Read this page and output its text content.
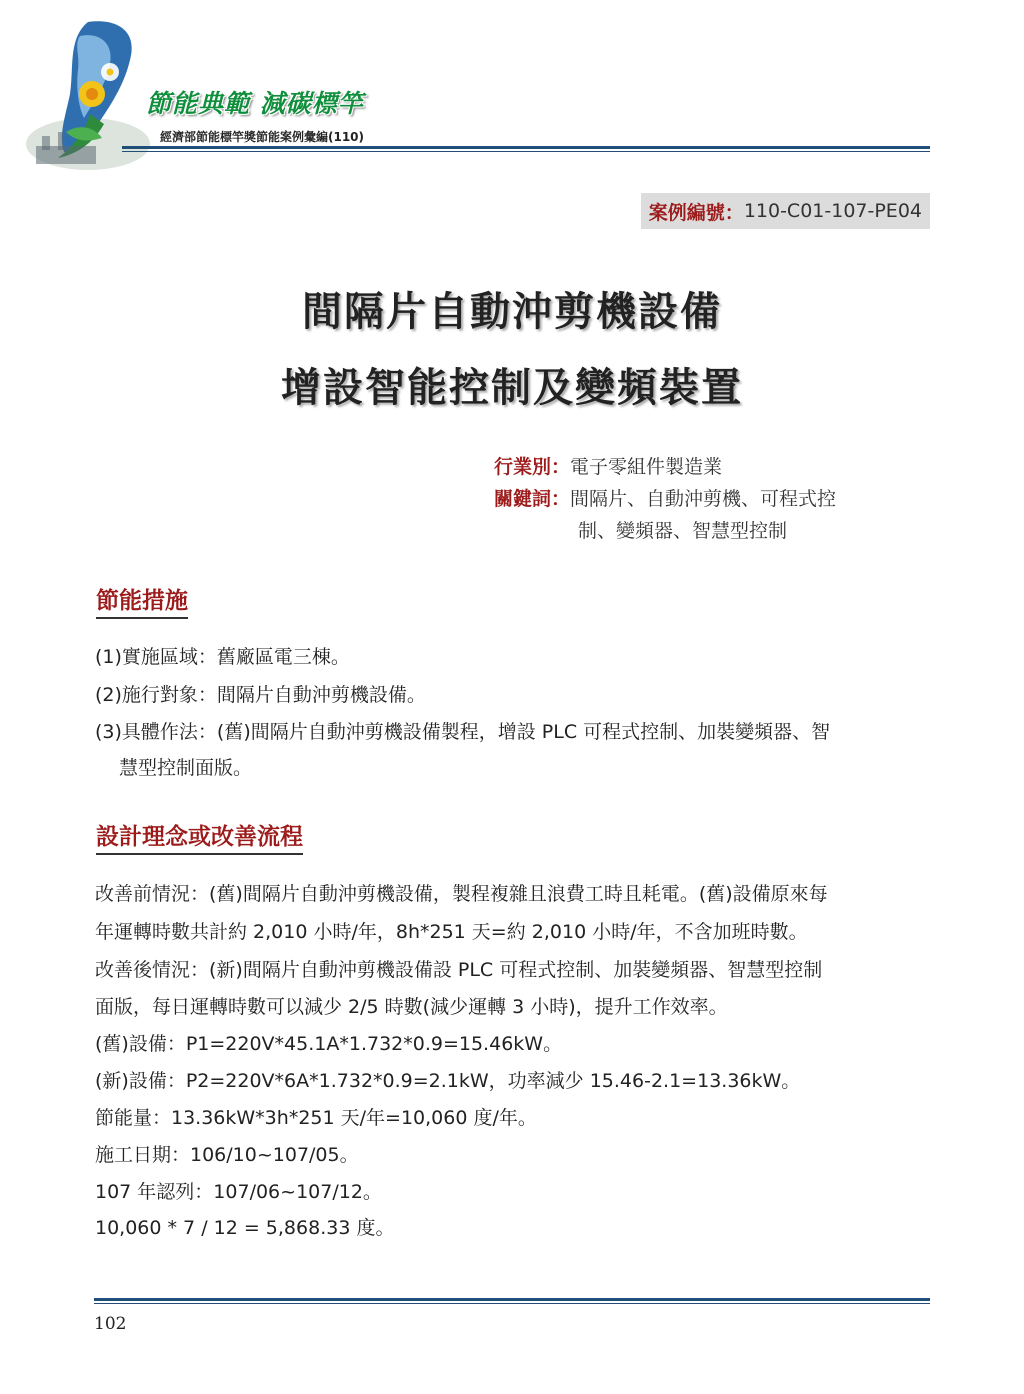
節能典範 減碳標竿
經濟部節能標竿獎節能案例彙編(110)
案例編號： 110-C01-107-PE04
間隔片自動沖剪機設備
增設智能控制及變頻裝置
行業別：電子零組件製造業
關鍵詞：間隔片、自動沖剪機、可程式控
制、變頻器、智慧型控制
節能措施
(1)實施區域：舊廠區電三棟。
(2)施行對象：間隔片自動沖剪機設備。
(3)具體作法：(舊)間隔片自動沖剪機設備製程，增設 PLC 可程式控制、加裝變頻器、智
慧型控制面版。
設計理念或改善流程
改善前情況：(舊)間隔片自動沖剪機設備，製程複雜且浪費工時且耗電。(舊)設備原來每
年運轉時數共計約 2,010 小時/年，8h*251 天=約 2,010 小時/年，不含加班時數。
改善後情況：(新)間隔片自動沖剪機設備設 PLC 可程式控制、加裝變頻器、智慧型控制
面版，每日運轉時數可以減少 2/5 時數(減少運轉 3 小時)，提升工作效率。
(舊)設備：P1=220V*45.1A*1.732*0.9=15.46kW。
(新)設備：P2=220V*6A*1.732*0.9=2.1kW，功率減少 15.46-2.1=13.36kW。
節能量：13.36kW*3h*251 天/年=10,060 度/年。
施工日期：106/10~107/05。
107 年認列：107/06~107/12。
10,060 * 7 / 12 = 5,868.33 度。
102
